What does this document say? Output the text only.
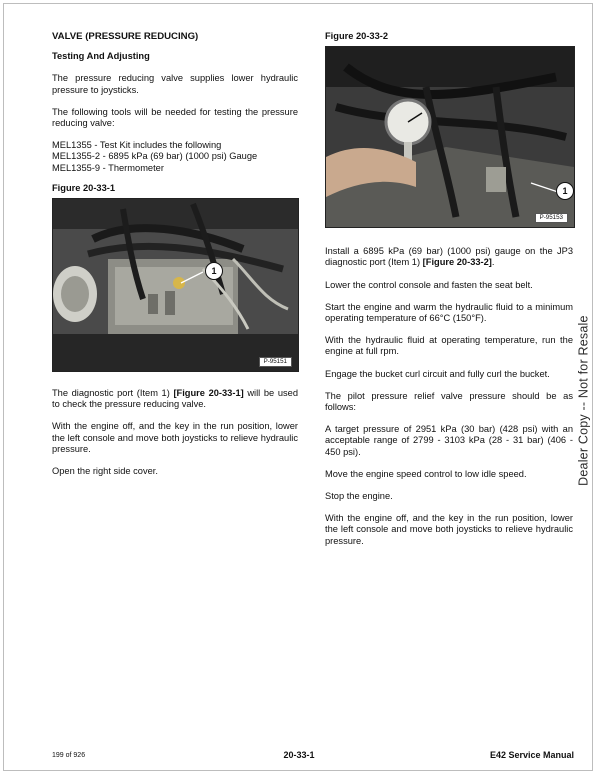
VALVE (PRESSURE REDUCING)
Testing And Adjusting

The pressure reducing valve supplies lower hydraulic pressure to joysticks.

The following tools will be needed for testing the pressure reducing valve:

MEL1355 - Test Kit includes the following
MEL1355-2 - 6895 kPa (69 bar) (1000 psi) Gauge
MEL1355-9 - Thermometer
Figure 20-33-1
1
P-95151

The diagnostic port (Item 1) [Figure 20-33-1] will be used to check the pressure reducing valve.

With the engine off, and the key in the run position, lower the left console and move both joysticks to relieve hydraulic pressure.

Open the right side cover.

Figure 20-33-2
1
P-95153

Install a 6895 kPa (69 bar) (1000 psi) gauge on the JP3 diagnostic port (Item 1) [Figure 20-33-2].

Lower the control console and fasten the seat belt.

Start the engine and warm the hydraulic fluid to a minimum operating temperature of 66°C (150°F).

With the hydraulic fluid at operating temperature, run the engine at full rpm.

Engage the bucket curl circuit and fully curl the bucket.

The pilot pressure relief valve pressure should be as follows:

A target pressure of 2951 kPa (30 bar) (428 psi) with an acceptable range of 2799 - 3103 kPa (28 - 31 bar) (406 - 450 psi).

Move the engine speed control to low idle speed.

Stop the engine.

With the engine off, and the key in the run position, lower the left console and move both joysticks to relieve hydraulic pressure.

Dealer Copy -- Not for Resale
199 of 926	20-33-1	E42 Service Manual
